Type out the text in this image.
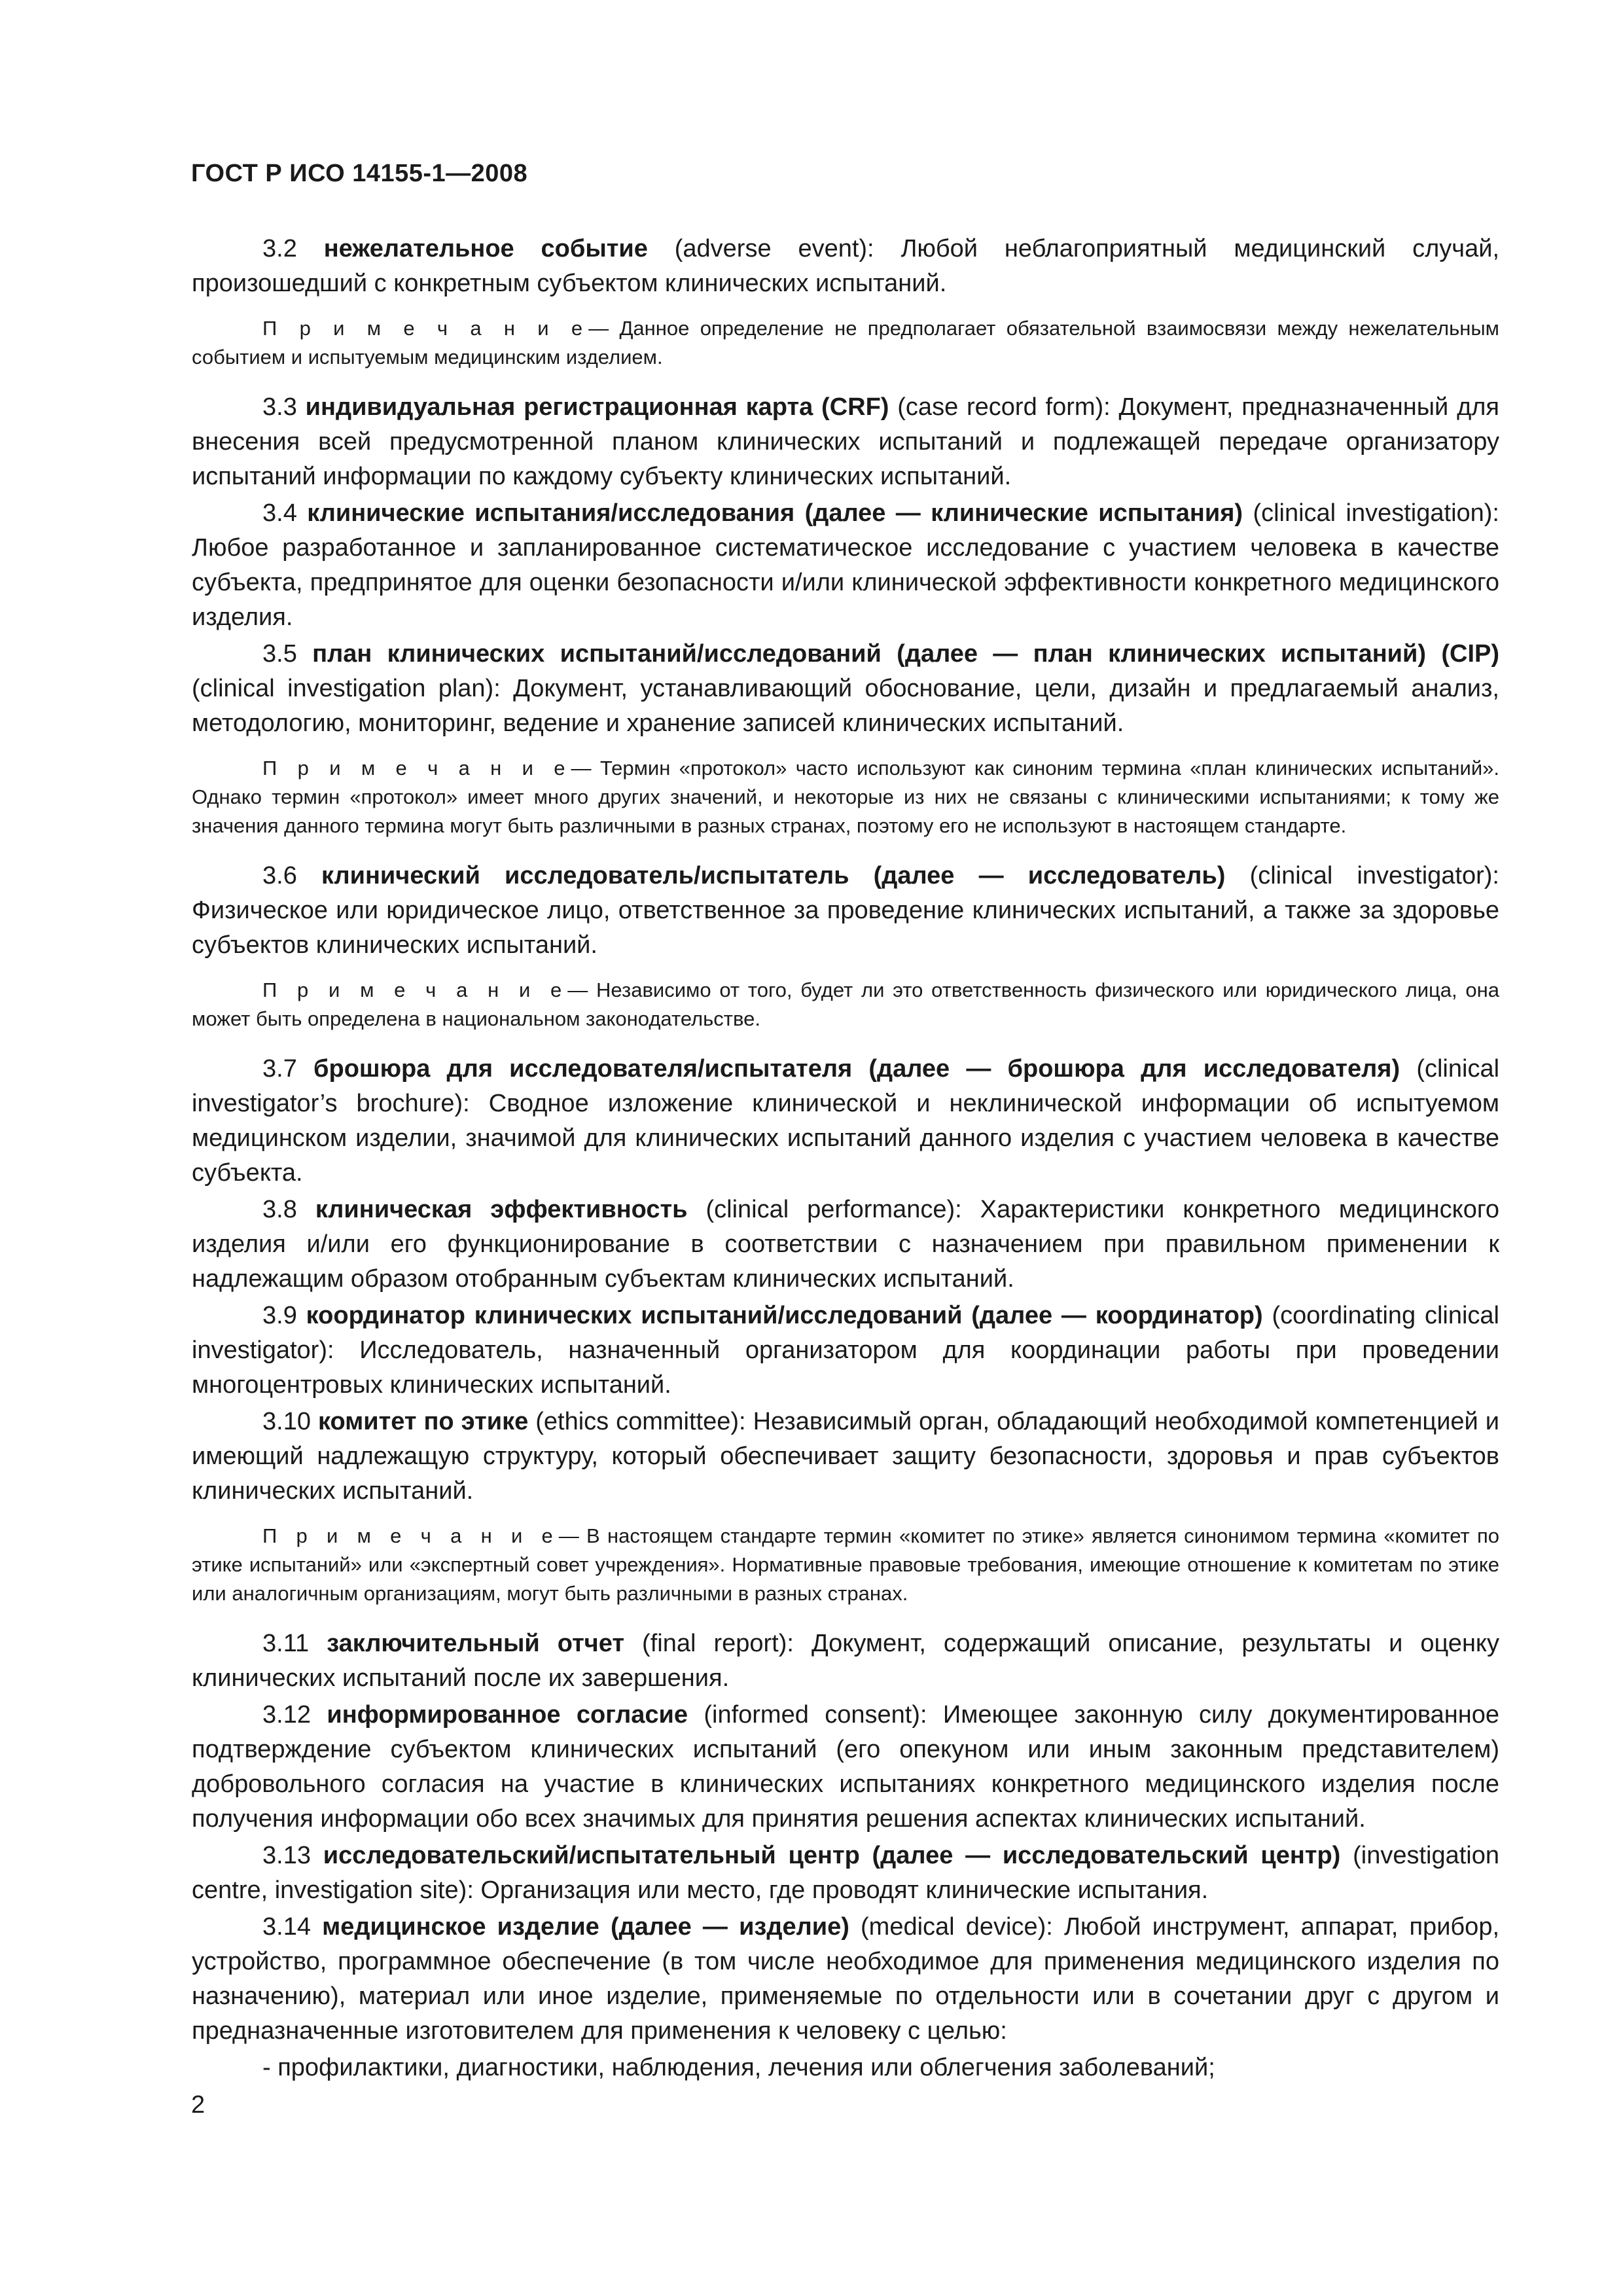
ГОСТ Р ИСО 14155-1—2008

3.2 нежелательное событие (adverse event): Любой неблагоприятный медицинский случай, произошедший с конкретным субъектом клинических испытаний.

П р и м е ч а н и е— Данное определение не предполагает обязательной взаимосвязи между нежелательным событием и испытуемым медицинским изделием.

3.3 индивидуальная регистрационная карта (CRF) (case record form): Документ, предназначенный для внесения всей предусмотренной планом клинических испытаний и подлежащей передаче организатору испытаний информации по каждому субъекту клинических испытаний.

3.4 клинические испытания/исследования (далее — клинические испытания) (clinical investigation): Любое разработанное и запланированное систематическое исследование с участием человека в качестве субъекта, предпринятое для оценки безопасности и/или клинической эффективности конкретного медицинского изделия.

3.5 план клинических испытаний/исследований (далее — план клинических испытаний) (CIP) (clinical investigation plan): Документ, устанавливающий обоснование, цели, дизайн и предлагаемый анализ, методологию, мониторинг, ведение и хранение записей клинических испытаний.

П р и м е ч а н и е— Термин «протокол» часто используют как синоним термина «план клинических испытаний». Однако термин «протокол» имеет много других значений, и некоторые из них не связаны с клиническими испытаниями; к тому же значения данного термина могут быть различными в разных странах, поэтому его не используют в настоящем стандарте.

3.6 клинический исследователь/испытатель (далее — исследователь) (clinical investigator): Физическое или юридическое лицо, ответственное за проведение клинических испытаний, а также за здоровье субъектов клинических испытаний.

П р и м е ч а н и е— Независимо от того, будет ли это ответственность физического или юридического лица, она может быть определена в национальном законодательстве.

3.7 брошюра для исследователя/испытателя (далее — брошюра для исследователя) (clinical investigator’s brochure): Сводное изложение клинической и неклинической информации об испытуемом медицинском изделии, значимой для клинических испытаний данного изделия с участием человека в качестве субъекта.

3.8 клиническая эффективность (clinical performance): Характеристики конкретного медицинского изделия и/или его функционирование в соответствии с назначением при правильном применении к надлежащим образом отобранным субъектам клинических испытаний.

3.9 координатор клинических испытаний/исследований (далее — координатор) (coordinating clinical investigator): Исследователь, назначенный организатором для координации работы при проведении многоцентровых клинических испытаний.

3.10 комитет по этике (ethics committee): Независимый орган, обладающий необходимой компетенцией и имеющий надлежащую структуру, который обеспечивает защиту безопасности, здоровья и прав субъектов клинических испытаний.

П р и м е ч а н и е— В настоящем стандарте термин «комитет по этике» является синонимом термина «комитет по этике испытаний» или «экспертный совет учреждения». Нормативные правовые требования, имеющие отношение к комитетам по этике или аналогичным организациям, могут быть различными в разных странах.

3.11 заключительный отчет (final report): Документ, содержащий описание, результаты и оценку клинических испытаний после их завершения.

3.12 информированное согласие (informed consent): Имеющее законную силу документированное подтверждение субъектом клинических испытаний (его опекуном или иным законным представителем) добровольного согласия на участие в клинических испытаниях конкретного медицинского изделия после получения информации обо всех значимых для принятия решения аспектах клинических испытаний.

3.13 исследовательский/испытательный центр (далее — исследовательский центр) (investigation centre, investigation site): Организация или место, где проводят клинические испытания.

3.14 медицинское изделие (далее — изделие) (medical device): Любой инструмент, аппарат, прибор, устройство, программное обеспечение (в том числе необходимое для применения медицинского изделия по назначению), материал или иное изделие, применяемые по отдельности или в сочетании друг с другом и предназначенные изготовителем для применения к человеку с целью:

- профилактики, диагностики, наблюдения, лечения или облегчения заболеваний;

2
